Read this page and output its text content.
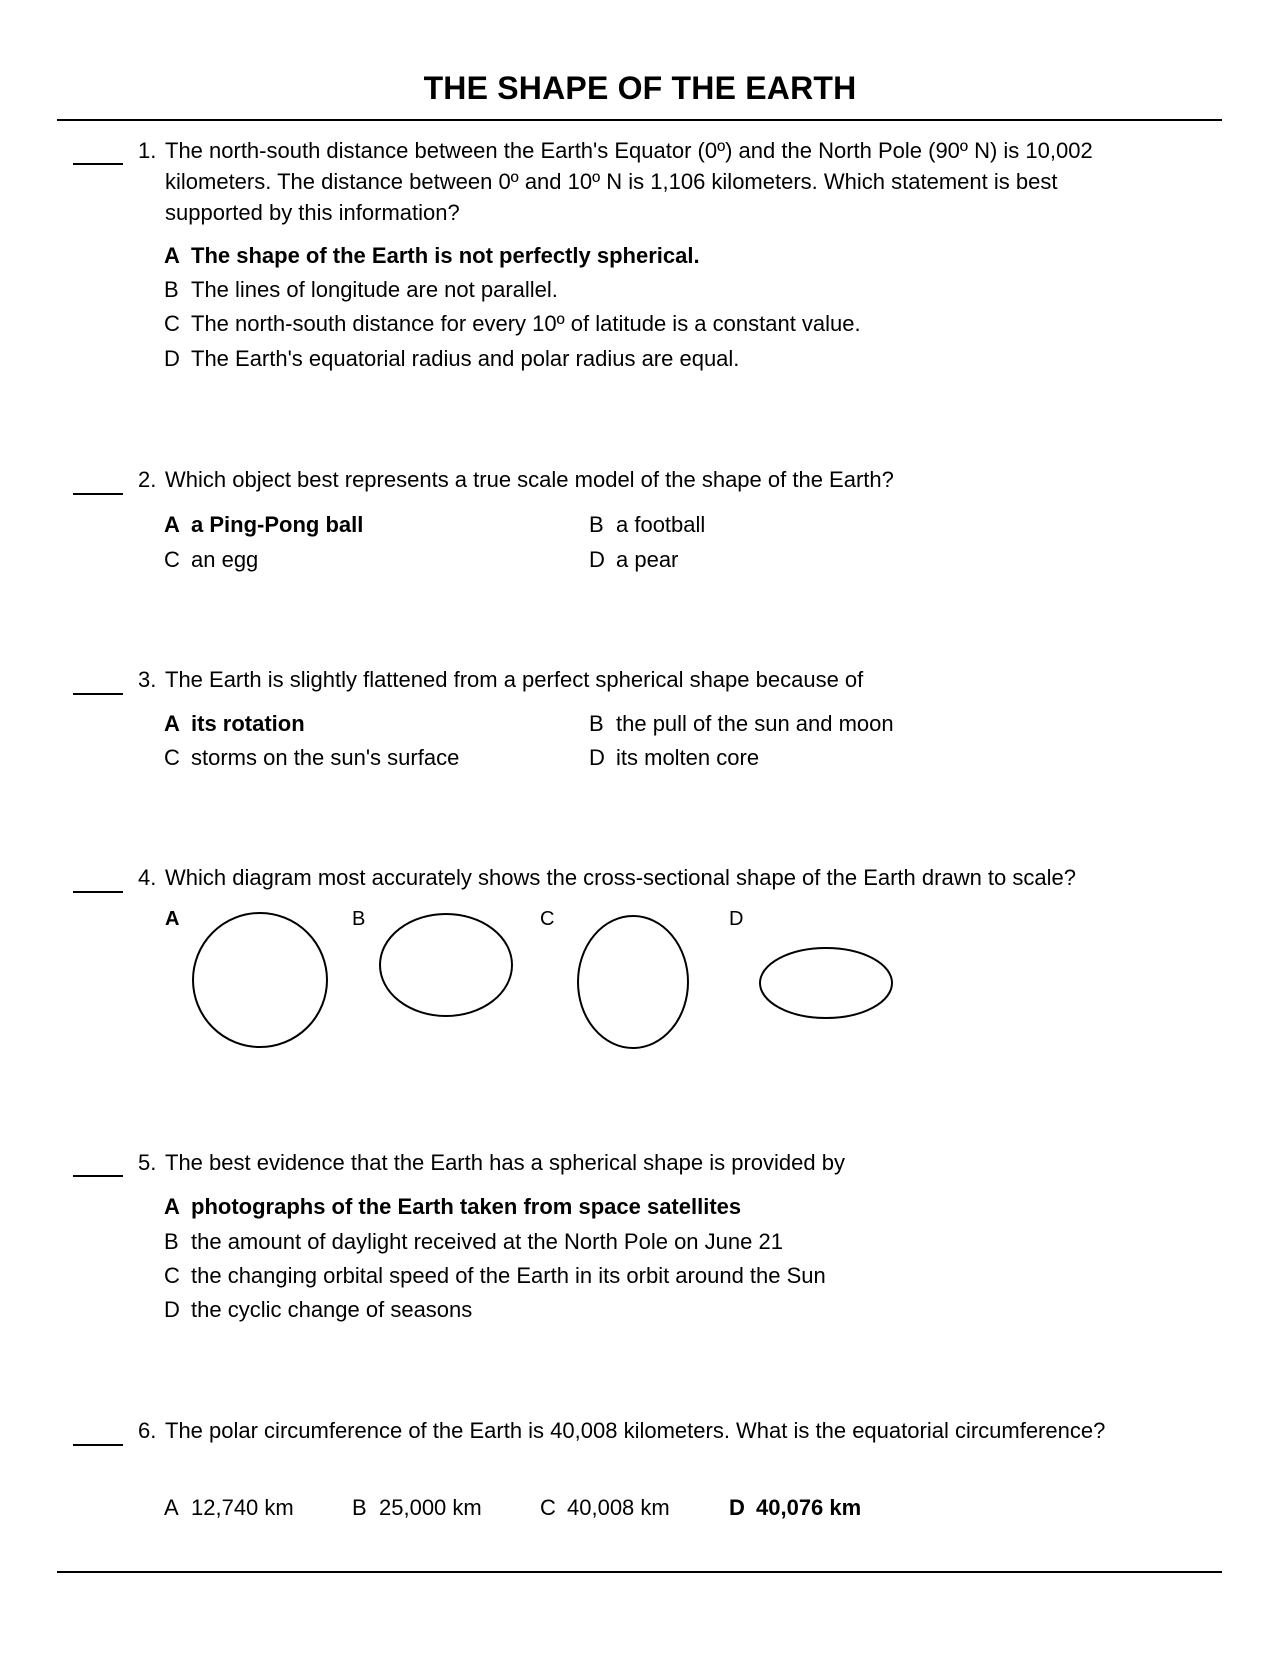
THE SHAPE OF THE EARTH
1. The north-south distance between the Earth's Equator (0º) and the North Pole (90º N) is 10,002 kilometers. The distance between 0º and 10º N is 1,106 kilometers. Which statement is best supported by this information?
A The shape of the Earth is not perfectly spherical.
B The lines of longitude are not parallel.
C The north-south distance for every 10º of latitude is a constant value.
D The Earth's equatorial radius and polar radius are equal.
2. Which object best represents a true scale model of the shape of the Earth?
A a Ping-Pong ball	B a football
C an egg	D a pear
3. The Earth is slightly flattened from a perfect spherical shape because of
A its rotation	B the pull of the sun and moon
C storms on the sun's surface	D its molten core
4. Which diagram most accurately shows the cross-sectional shape of the Earth drawn to scale?
A	B	C	D
5. The best evidence that the Earth has a spherical shape is provided by
A photographs of the Earth taken from space satellites
B the amount of daylight received at the North Pole on June 21
C the changing orbital speed of the Earth in its orbit around the Sun
D the cyclic change of seasons
6. The polar circumference of the Earth is 40,008 kilometers. What is the equatorial circumference?
A 12,740 km	B 25,000 km	C 40,008 km	D 40,076 km
